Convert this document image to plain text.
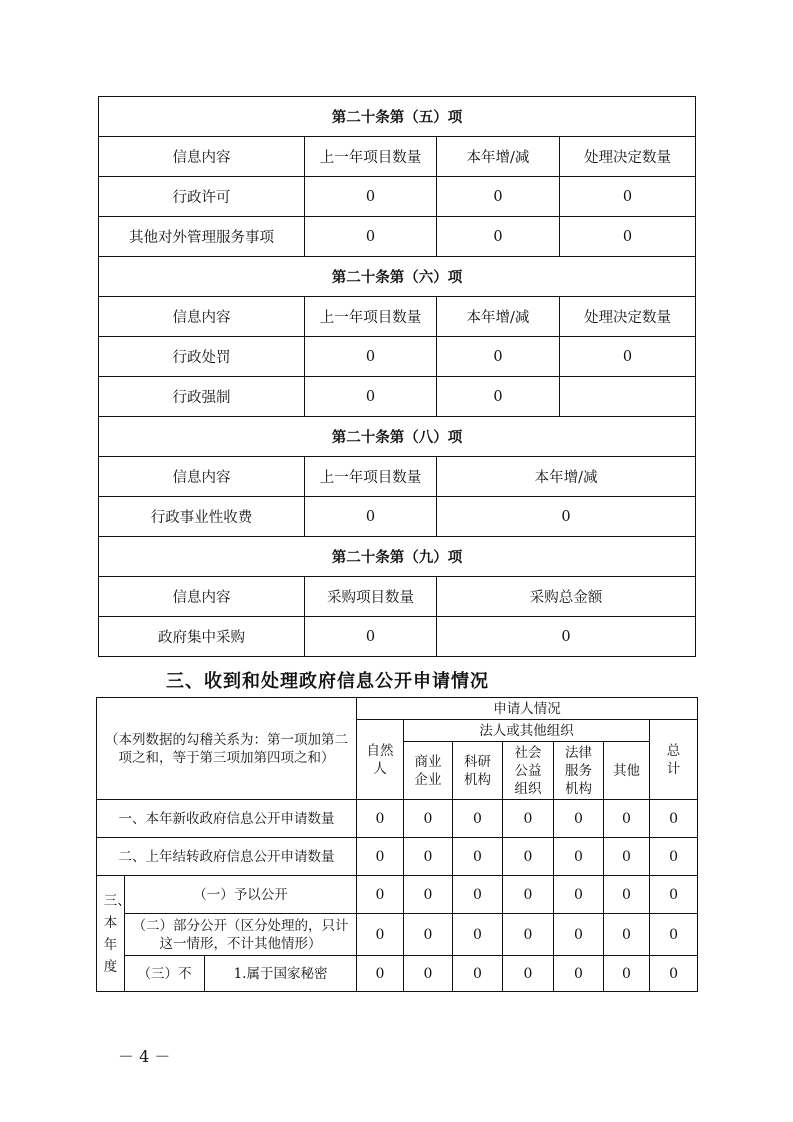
第二十条第（五）项			
信息内容	上一年项目数量	本年增/减	处理决定数量
行政许可	0	0	0
其他对外管理服务事项	0	0	0
第二十条第（六）项			
信息内容	上一年项目数量	本年增/减	处理决定数量
行政处罚	0	0	0
行政强制	0	0	
第二十条第（八）项			
信息内容	上一年项目数量	本年增/减	
行政事业性收费	0	0	
第二十条第（九）项			
信息内容	采购项目数量	采购总金额	
政府集中采购	0	0	
三、收到和处理政府信息公开申请情况
（本列数据的勾稽关系为：第一项加第二项之和，等于第三项加第四项之和）			申请人情况						

			自然人	法人或其他组织					总计

				商业企业	科研机构	社会公益组织	法律服务机构	其他	
一、本年新收政府信息公开申请数量			0	0	0	0	0	0	0
二、上年结转政府信息公开申请数量			0	0	0	0	0	0	0

三、本年度	（一）予以公开		0	0	0	0	0	0	0
	（二）部分公开（区分处理的，只计这一情形，不计其他情形）		0	0	0	0	0	0	0
	（三）不	1.属于国家秘密	0	0	0	0	0	0	0
－ 4 －
